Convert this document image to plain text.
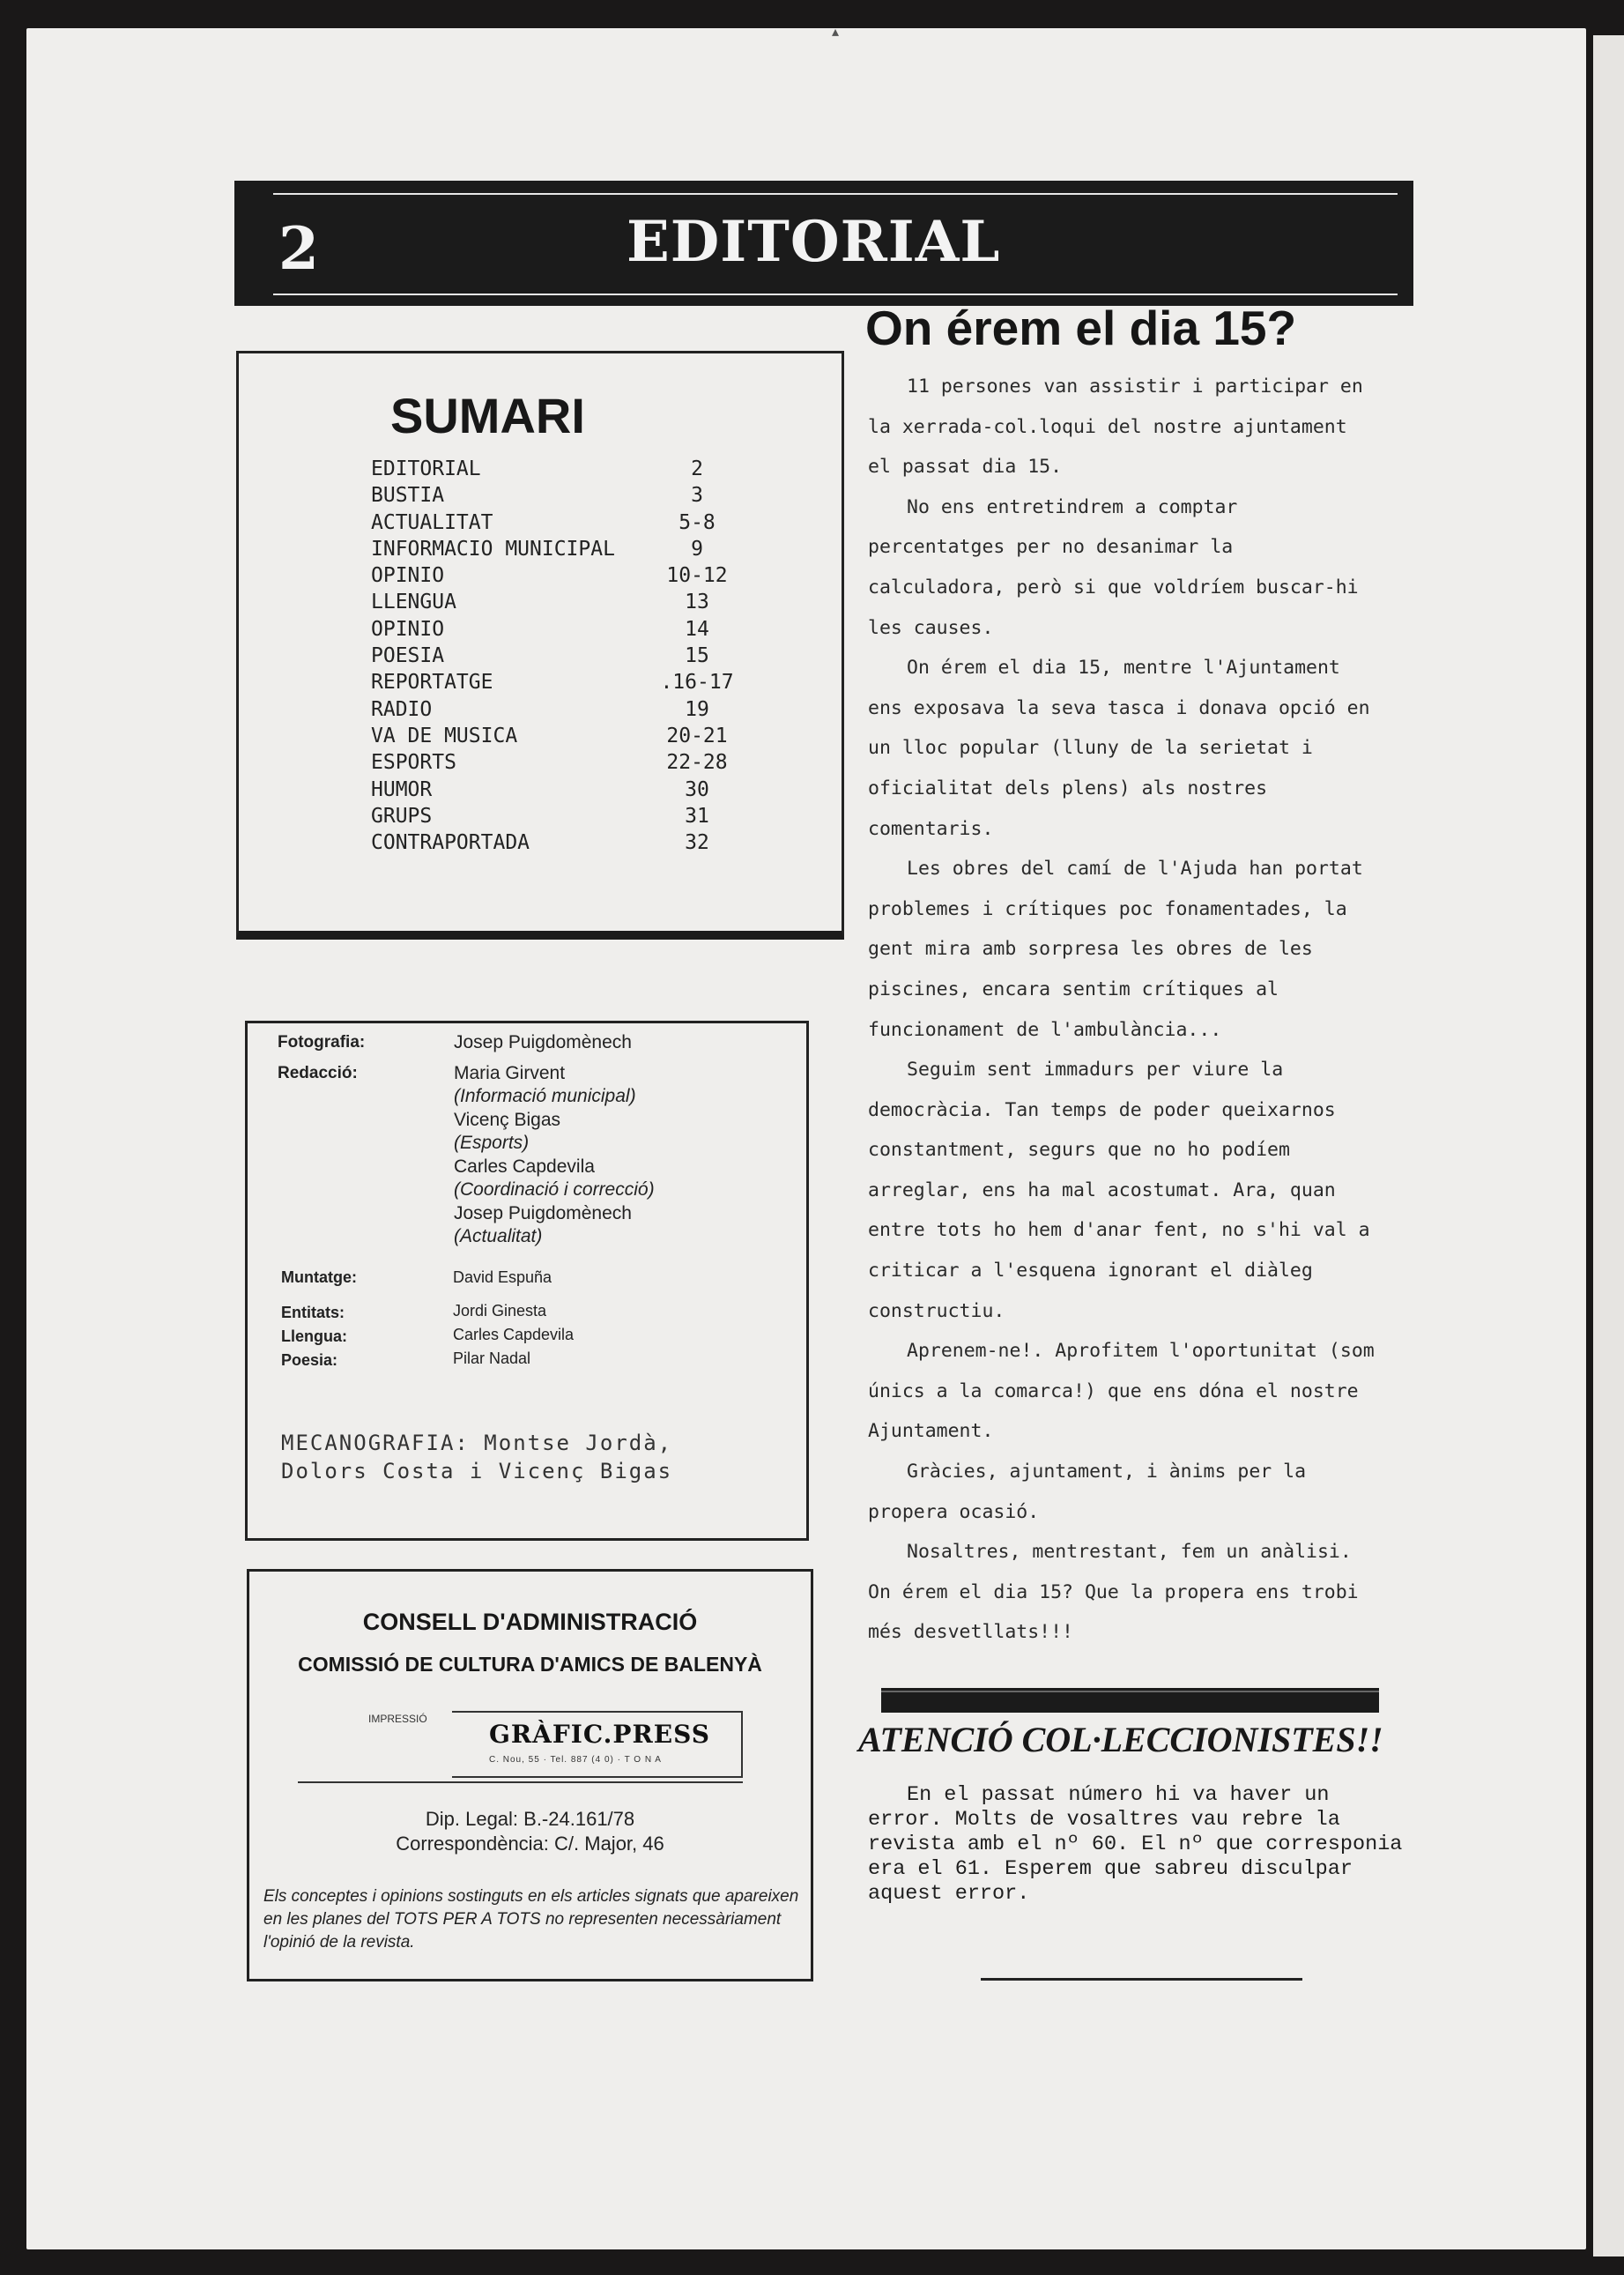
▴
2	EDITORIAL
SUMARI
EDITORIAL	2
BUSTIA	3
ACTUALITAT	5-8
INFORMACIO MUNICIPAL	9
OPINIO	10-12
LLENGUA	13
OPINIO	14
POESIA	15
REPORTATGE	.16-17
RADIO	19
VA DE MUSICA	20-21
ESPORTS	22-28
HUMOR	30
GRUPS	31
CONTRAPORTADA	32
Fotografia:	Josep Puigdomènech
Redacció:	Maria Girvent
(Informació municipal)
Vicenç Bigas
(Esports)
Carles Capdevila
(Coordinació i correcció)
Josep Puigdomènech
(Actualitat)
Muntatge:	David Espuña
Entitats:	Jordi Ginesta
Llengua:	Carles Capdevila
Poesia:	Pilar Nadal
MECANOGRAFIA: Montse Jordà,
Dolors Costa i Vicenç Bigas
CONSELL D'ADMINISTRACIÓ
COMISSIÓ DE CULTURA D'AMICS DE BALENYÀ
IMPRESSIÓ
GRÀFIC.PRESS
C. Nou, 55 · Tel. 887 (4 0) · T O N A
Dip. Legal: B.-24.161/78
Correspondència: C/. Major, 46
Els conceptes i opinions sostinguts en els articles signats que apareixen en les planes del TOTS PER A TOTS no representen necessàriament l'opinió de la revista.
On érem el dia 15?

11 persones van assistir i participar en la xerrada-col.loqui del nostre ajuntament el passat dia 15.

No ens entretindrem a comptar percentatges per no desanimar la calculadora, però si que voldríem buscar-hi les causes.

On érem el dia 15, mentre l'Ajuntament ens exposava la seva tasca i donava opció en un lloc popular (lluny de la serietat i oficialitat dels plens) als nostres comentaris.

Les obres del camí de l'Ajuda han portat problemes i crítiques poc fonamentades, la gent mira amb sorpresa les obres de les piscines, encara sentim crítiques al funcionament de l'ambulància...

Seguim sent immadurs per viure la democràcia. Tan temps de poder queixarnos constantment, segurs que no ho podíem arreglar, ens ha mal acostumat. Ara, quan entre tots ho hem d'anar fent, no s'hi val a criticar a l'esquena ignorant el diàleg constructiu.

Aprenem-ne!. Aprofitem l'oportunitat (som únics a la comarca!) que ens dóna el nostre Ajuntament.

Gràcies, ajuntament, i ànims per la propera ocasió.

Nosaltres, mentrestant, fem un anàlisi. On érem el dia 15? Que la propera ens trobi més desvetllats!!!

ATENCIÓ COL·LECCIONISTES!!

En el passat número hi va haver un error. Molts de vosaltres vau rebre la revista amb el nº 60. El nº que corresponia era el 61. Esperem que sabreu disculpar aquest error.
